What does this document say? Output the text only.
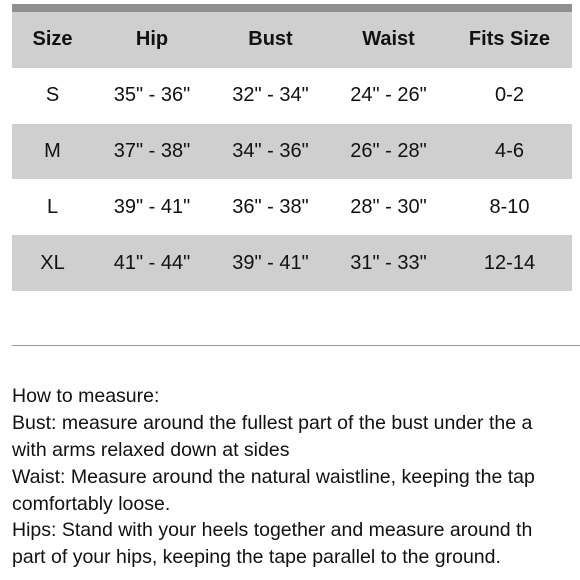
Size	Hip	Bust	Waist	Fits Size
S	35" - 36"	32" - 34"	24" - 26"	0-2
M	37" - 38"	34" - 36"	26" - 28"	4-6
L	39" - 41"	36" - 38"	28" - 30"	8-10
XL	41" - 44"	39" - 41"	31" - 33"	12-14
How to measure:
Bust: measure around the fullest part of the bust under the a
with arms relaxed down at sides
Waist: Measure around the natural waistline, keeping the tap
comfortably loose.
Hips: Stand with your heels together and measure around th
part of your hips, keeping the tape parallel to the ground.
